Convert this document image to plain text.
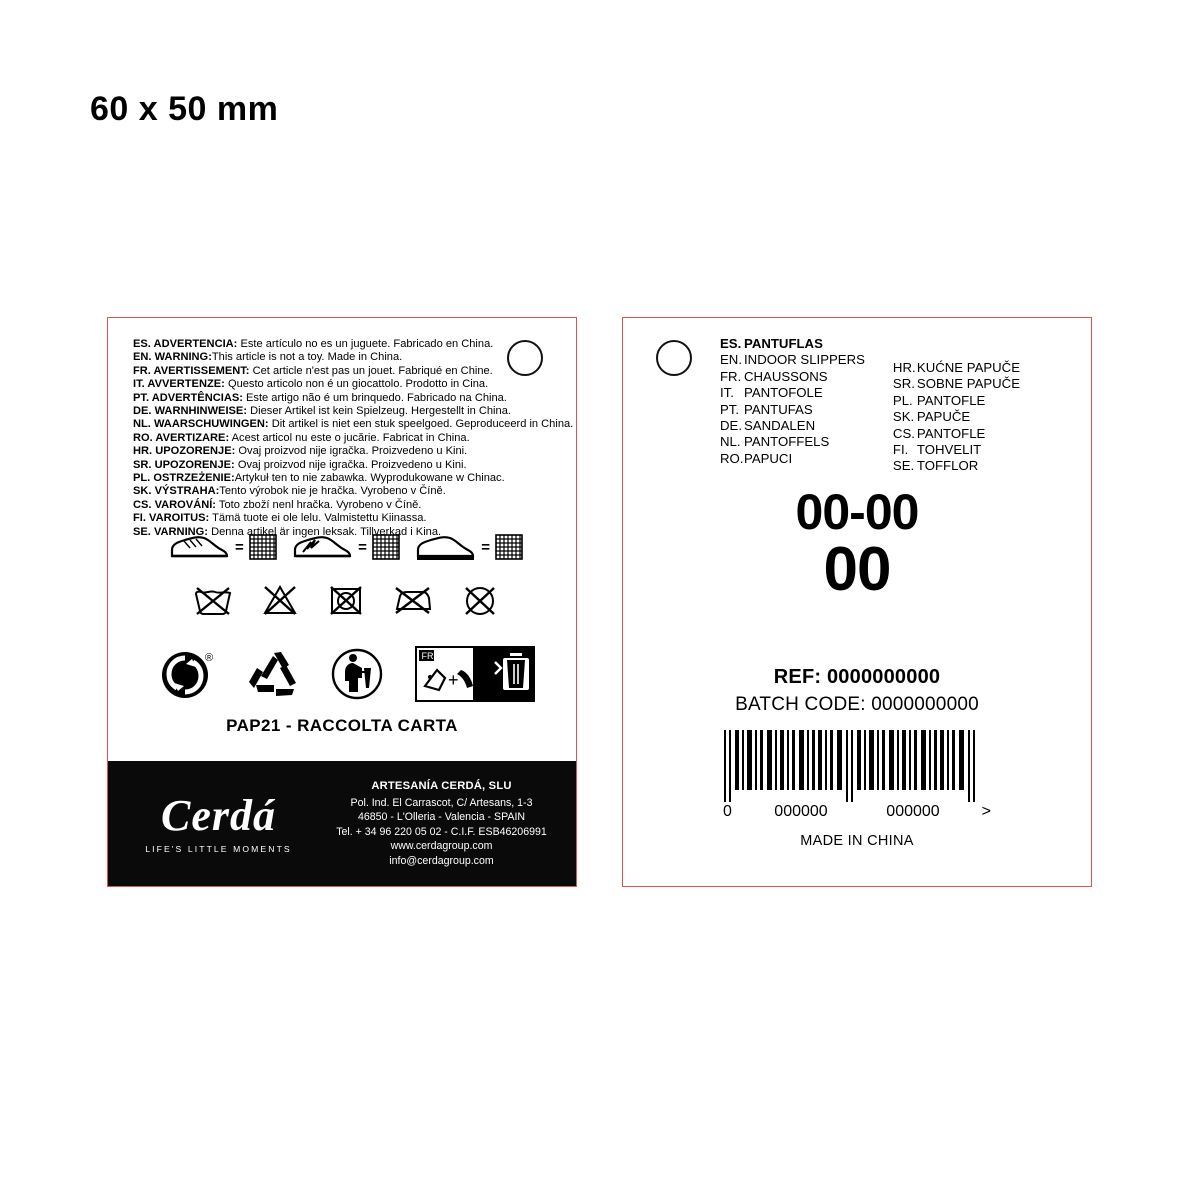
60 x 50 mm
ES. ADVERTENCIA: Este artículo no es un juguete. Fabricado en China.
EN. WARNING:This article is not a toy. Made in China.
FR. AVERTISSEMENT: Cet article n'est pas un jouet. Fabriqué en Chine.
IT. AVVERTENZE: Questo articolo non é un giocattolo. Prodotto in Cina.
PT. ADVERTÊNCIAS: Este artigo não é um brinquedo. Fabricado na China.
DE. WARNHINWEISE: Dieser Artikel ist kein Spielzeug. Hergestellt in China.
NL. WAARSCHUWINGEN: Dit artikel is niet een stuk speelgoed. Geproduceerd in China.
RO. AVERTIZARE: Acest articol nu este o jucărie. Fabricat in China.
HR. UPOZORENJE: Ovaj proizvod nije igračka. Proizvedeno u Kini.
SR. UPOZORENJE: Ovaj proizvod nije igračka. Proizvedeno u Kini.
PL. OSTRZEŻENIE:Artykuł ten to nie zabawka. Wyprodukowane w Chinac.
SK. VÝSTRAHA:Tento výrobok nie je hračka. Vyrobeno v Číně.
CS. VAROVÁNÍ: Toto zboží nenl hračka. Vyrobeno v Číně.
FI. VAROITUS: Tämä tuote ei ole lelu. Valmistettu Kiinassa.
SE. VARNING: Denna artikel är ingen leksak. Tillverkad i Kina.
=	=	=
®	FR
+
PAP21 - RACCOLTA CARTA
Cerdá
LIFE'S LITTLE MOMENTS
ARTESANÍA CERDÁ, SLU
Pol. Ind. El Carrascot, C/ Artesans, 1-3
46850 - L'Olleria - Valencia - SPAIN
Tel. + 34 96 220 05 02 - C.I.F. ESB46206991
www.cerdagroup.com
info@cerdagroup.com
ES. PANTUFLAS
EN. INDOOR SLIPPERS
FR. CHAUSSONS
IT. PANTOFOLE
PT. PANTUFAS
DE. SANDALEN
NL. PANTOFFELS
RO.PAPUCI
HR.KUĆNE PAPUČE
SR. SOBNE PAPUČE
PL. PANTOFLE
SK. PAPUČE
CS. PANTOFLE
FI. TOHVELIT
SE. TOFFLOR
00-00
00
REF: 0000000000
BATCH CODE: 0000000000
0	000000	000000	>
MADE IN CHINA
